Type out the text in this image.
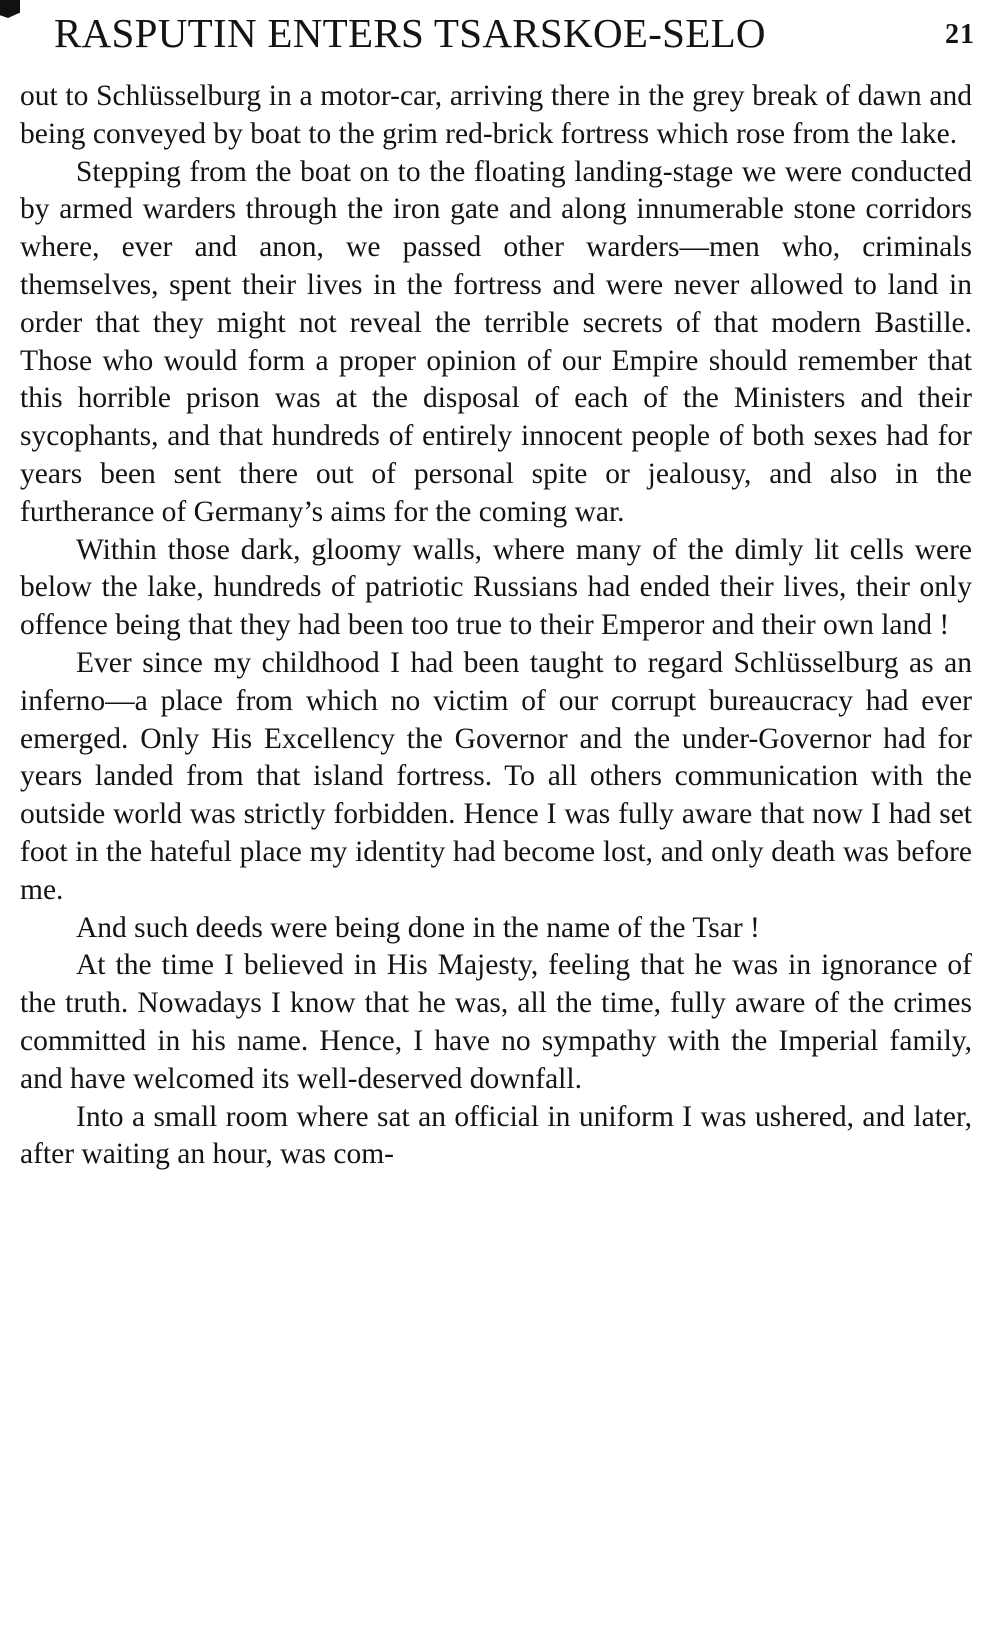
RASPUTIN ENTERS TSARSKOE-SELO	21

out to Schlüsselburg in a motor-car, arriving there in the grey break of dawn and being conveyed by boat to the grim red-brick fortress which rose from the lake.

Stepping from the boat on to the floating landing-stage we were conducted by armed warders through the iron gate and along innumerable stone corridors where, ever and anon, we passed other warders—men who, criminals themselves, spent their lives in the fortress and were never allowed to land in order that they might not reveal the terrible secrets of that modern Bastille. Those who would form a proper opinion of our Empire should remember that this horrible prison was at the disposal of each of the Ministers and their sycophants, and that hundreds of entirely innocent people of both sexes had for years been sent there out of personal spite or jealousy, and also in the furtherance of Germany’s aims for the coming war.

Within those dark, gloomy walls, where many of the dimly lit cells were below the lake, hundreds of patriotic Russians had ended their lives, their only offence being that they had been too true to their Emperor and their own land !

Ever since my childhood I had been taught to regard Schlüsselburg as an inferno—a place from which no victim of our corrupt bureaucracy had ever emerged. Only His Excellency the Governor and the under-Governor had for years landed from that island fortress. To all others communication with the outside world was strictly forbidden. Hence I was fully aware that now I had set foot in the hateful place my identity had become lost, and only death was before me.

And such deeds were being done in the name of the Tsar !

At the time I believed in His Majesty, feeling that he was in ignorance of the truth. Nowadays I know that he was, all the time, fully aware of the crimes committed in his name. Hence, I have no sympathy with the Imperial family, and have welcomed its well-deserved downfall.

Into a small room where sat an official in uniform I was ushered, and later, after waiting an hour, was com-
